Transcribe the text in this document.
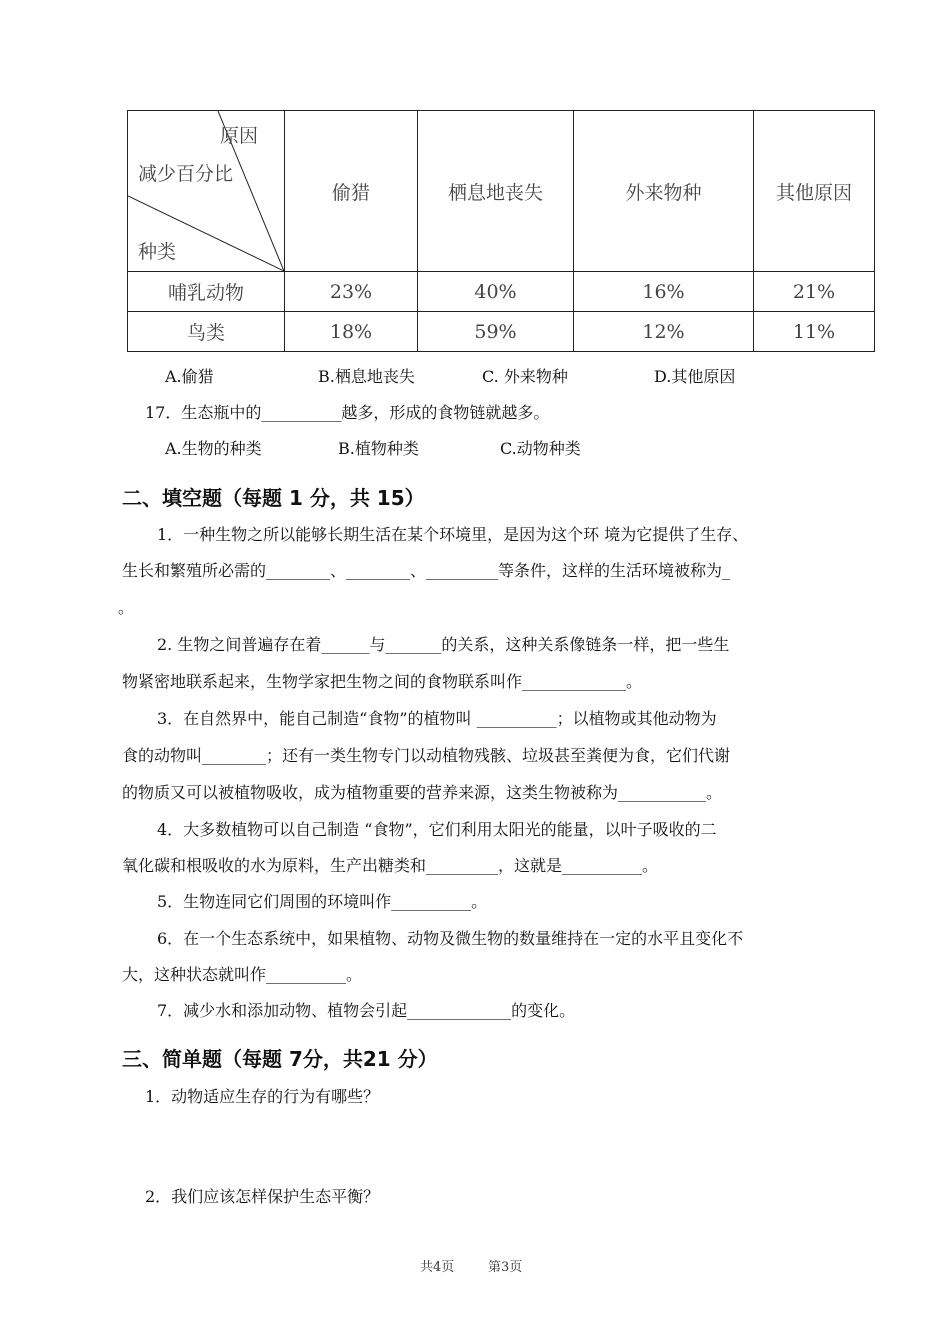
原因
减少百分比
种类	偷猎	栖息地丧失	外来物种	其他原因
哺乳动物	23%	40%	16%	21%
鸟类	18%	59%	12%	11%
A.偷猎	B.栖息地丧失	C. 外来物种	D.其他原因
17．生态瓶中的__________越多，形成的食物链就越多。
A.生物的种类	B.植物种类	C.动物种类
二、填空题（每题 1 分，共 15）
1．一种生物之所以能够长期生活在某个环境里，是因为这个环 境为它提供了生存、
生长和繁殖所必需的________、________、_________等条件，这样的生活环境被称为_
。
2. 生物之间普遍存在着______与_______的关系，这种关系像链条一样，把一些生
物紧密地联系起来，生物学家把生物之间的食物联系叫作_____________。
3．在自然界中，能自己制造“食物”的植物叫 __________；以植物或其他动物为
食的动物叫________；还有一类生物专门以动植物残骸、垃圾甚至粪便为食，它们代谢
的物质又可以被植物吸收，成为植物重要的营养来源，这类生物被称为___________。
4．大多数植物可以自己制造 “食物”，它们利用太阳光的能量，以叶子吸收的二
氧化碳和根吸收的水为原料，生产出糖类和_________，这就是__________。
5．生物连同它们周围的环境叫作__________。
6．在一个生态系统中，如果植物、动物及微生物的数量维持在一定的水平且变化不
大，这种状态就叫作__________。
7．减少水和添加动物、植物会引起_____________的变化。
三、简单题（每题 7分，共21 分）
1．动物适应生存的行为有哪些？
2．我们应该怎样保护生态平衡？
共4页	第3页
